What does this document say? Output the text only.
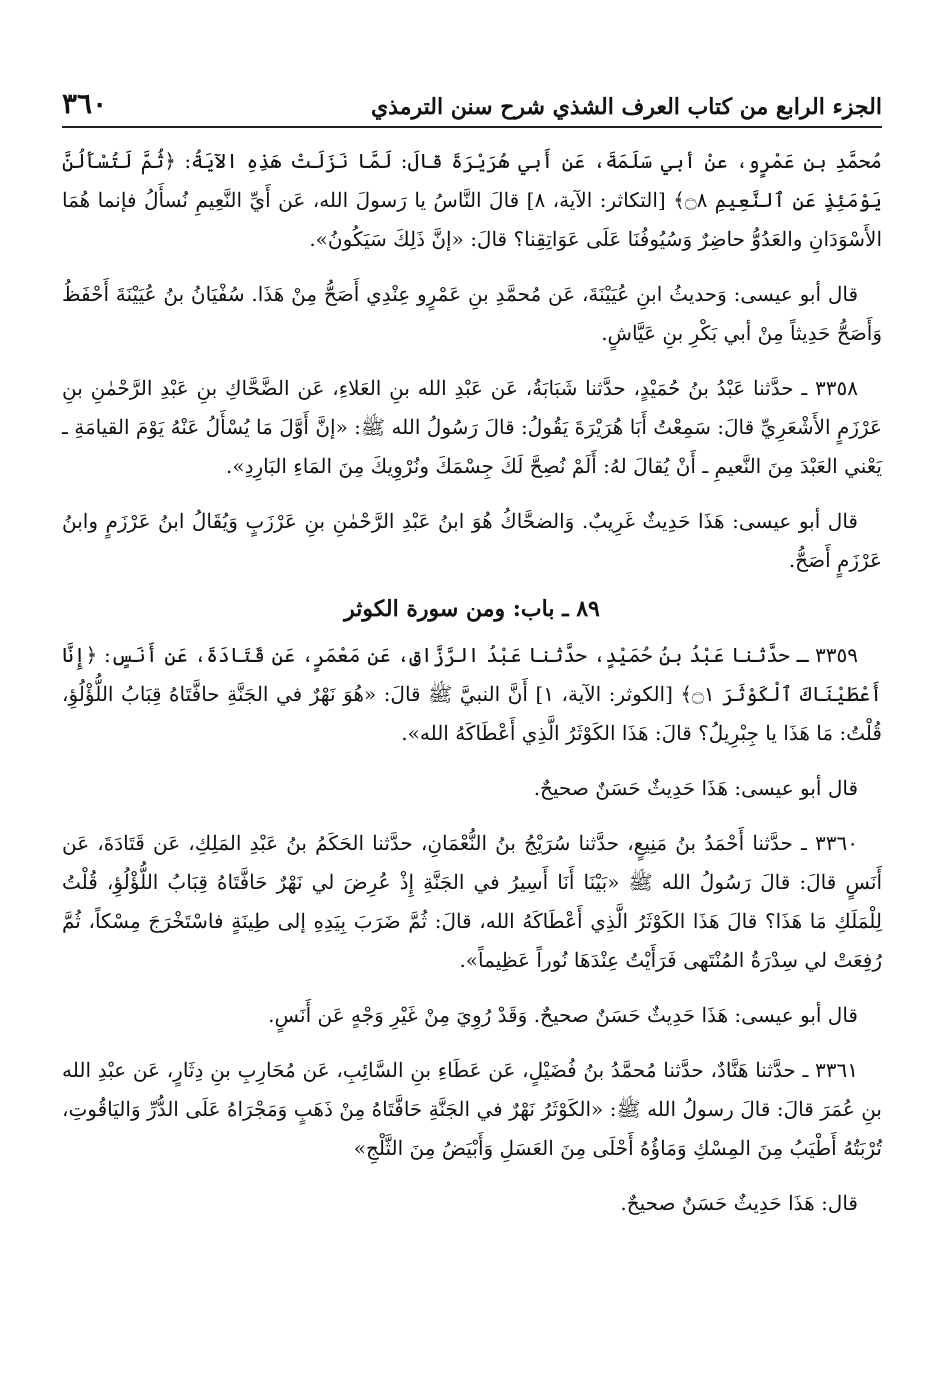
الجزء الرابع من كتاب العرف الشذي شرح سنن الترمذي
٣٦٠

مُحمَّدِ بن عَمْرٍو، عنْ أبي سَلَمَةَ، عَن أَبي هُرَيْرَةَ قالَ: لَمَّا نَزَلَتْ هَذِهِ الآيَةُ: ﴿ثُمَّ لَتُسْأَلُنَّ يَوْمَئِذٍ عَنِ ٱلنَّعِيمِ ۝٨﴾ [التكاثر: الآية، ٨] قالَ النَّاسُ يا رَسولَ الله، عَن أَيِّ النَّعِيمِ نُسأَلُ فإنما هُمَا الأَسْوَدَانِ والعَدُوُّ حاضِرٌ وَسُيُوفُنَا عَلَى عَوَاتِقِنا؟ قالَ: «إنَّ ذَلِكَ سَيَكُونُ».

قال أبو عيسى: وَحديثُ ابنِ عُيَيْنَةَ، عَن مُحمَّدِ بنِ عَمْرٍو عِنْدِي أَصَحُّ مِنْ هَذَا. سُفْيَانُ بنُ عُيَيْنَةَ أَحْفَظُ وَأَصَحُّ حَدِيثاً مِنْ أبي بَكْرِ بنِ عَيَّاشٍ.

٣٣٥٨ ـ حدَّثنا عَبْدُ بنُ حُمَيْدٍ، حدَّثنا شَبَابَةُ، عَن عَبْدِ الله بنِ العَلاءِ، عَن الضَّحَّاكِ بنِ عَبْدِ الرَّحْمٰنِ بنِ عَرْزَمٍ الأَشْعَرِيِّ قالَ: سَمِعْتُ أَبَا هُرَيْرَةَ يَقُولُ: قالَ رَسُولُ الله ﷺ: «إنَّ أَوَّلَ مَا يُسْأَلُ عَنْهُ يَوْمَ القيامَةِ ـ يَعْني العَبْدَ مِنَ النَّعيمِ ـ أَنْ يُقالَ لهُ: أَلَمْ نُصِحَّ لَكَ جِسْمَكَ ونُرْوِيكَ مِنَ المَاءِ البَارِدِ».

قال أبو عيسى: هَذَا حَدِيثٌ غَرِيبٌ. وَالضحَّاكُ هُوَ ابنُ عَبْدِ الرَّحْمٰنِ بنِ عَرْزَبٍ وَيُقَالُ ابنُ عَرْزَمٍ وابنُ عَرْزَمٍ أَصَحُّ.

٨٩ ـ باب: ومن سورة الكوثر

٣٣٥٩ ـ حدَّثنا عَبْدُ بنُ حُمَيْدٍ، حدَّثنا عَبْدُ الرَّزَّاقِ، عَن مَعْمَرٍ، عَن قَتَادَةَ، عَن أَنَسٍ: ﴿إِنَّا أَعْطَيْنَاكَ ٱلْكَوْثَرَ ۝١﴾ [الكوثر: الآية، ١] أَنَّ النبيَّ ﷺ قالَ: «هُوَ نَهْرٌ في الجَنَّةِ حافَّتَاهُ قِبَابُ اللُّؤْلُؤِ، قُلْتُ: مَا هَذَا يا جِبْرِيلُ؟ قالَ: هَذَا الكَوْثَرُ الَّذِي أَعْطَاكَهُ الله».

قال أبو عيسى: هَذَا حَدِيثٌ حَسَنٌ صحيحٌ.

٣٣٦٠ ـ حدَّثنا أَحْمَدُ بنُ مَنِيعٍ، حدَّثنا سُرَيْجُ بنُ النُّعْمَانِ، حدَّثنا الحَكَمُ بنُ عَبْدِ المَلِكِ، عَن قَتَادَةَ، عَن أَنَسٍ قالَ: قالَ رَسُولُ الله ﷺ «بَيْنَا أَنَا أَسِيرُ في الجَنَّةِ إِذْ عُرِضَ لي نَهْرٌ حَافَّتَاهُ قِبَابُ اللُّؤْلُؤِ، قُلْتُ لِلْمَلَكِ مَا هَذَا؟ قالَ هَذَا الكَوْثَرُ الَّذِي أَعْطَاكَهُ الله، قالَ: ثُمَّ ضَرَبَ بِيَدِهِ إلى طِينَةٍ فاسْتَخْرَجَ مِسْكاً، ثُمَّ رُفِعَتْ لي سِدْرَةُ المُنْتَهى فَرَأَيْتُ عِنْدَهَا نُوراً عَظِيماً».

قال أبو عيسى: هَذَا حَدِيثٌ حَسَنٌ صحيحٌ. وَقَدْ رُوِيَ مِنْ غَيْرِ وَجْهٍ عَن أَنَسٍ.

٣٣٦١ ـ حدَّثنا هَنَّادٌ، حدَّثنا مُحمَّدُ بنُ فُضَيْلٍ، عَن عَطَاءِ بنِ السَّائِبِ، عَن مُحَارِبِ بنِ دِثَارٍ، عَن عبْدِ الله بنِ عُمَرَ قالَ: قالَ رسولُ الله ﷺ: «الكَوْثَرُ نَهْرٌ في الجَنَّةِ حَافَّتَاهُ مِنْ ذَهَبٍ وَمَجْرَاهُ عَلَى الدُّرِّ وَاليَاقُوتِ، تُرْبَتُهُ أَطْيَبُ مِنَ المِسْكِ وَمَاؤُهُ أَحْلَى مِنَ العَسَلِ وَأَبْيَضُ مِنَ الثَّلْجِ»

قال: هَذَا حَدِيثٌ حَسَنٌ صحيحٌ.
